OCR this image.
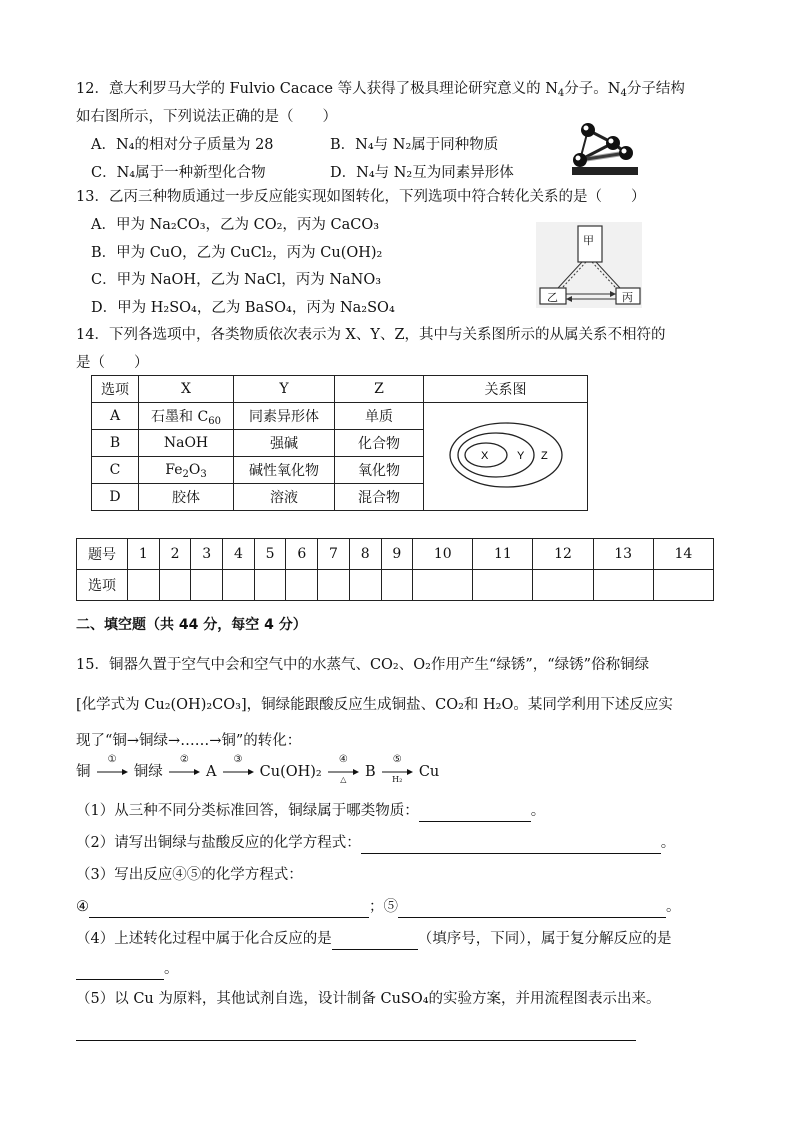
12．意大利罗马大学的 Fulvio Cacace 等人获得了极具理论研究意义的 $N_4$分子。$N_4$分子结构
如右图所示，下列说法正确的是（　　）
A．N₄的相对分子质量为 28	B．N₄与 N₂属于同种物质
C．N₄属于一种新型化合物	D．N₄与 N₂互为同素异形体
13．乙丙三种物质通过一步反应能实现如图转化，下列选项中符合转化关系的是（　　）
A．甲为 Na₂CO₃，乙为 CO₂，丙为 CaCO₃
B．甲为 CuO，乙为 CuCl₂，丙为 Cu(OH)₂
C．甲为 NaOH，乙为 NaCl，丙为 NaNO₃
D．甲为 H₂SO₄，乙为 BaSO₄，丙为 Na₂SO₄
甲
乙	丙
14．下列各选项中，各类物质依次表示为 X、Y、Z，其中与关系图所示的从属关系不相符的
是（　　）
选项	X	Y	Z	关系图
A	石墨和 $C_{60}$	同素异形体	单质	X Y Z

B	NaOH	强碱	化合物	
C	$Fe_2O_3$	碱性氧化物	氧化物	
D	胶体	溶液	混合物	
题号	1	2	3	4	5	6	7	8	9	10	11	12	13	14
选项														
二、填空题（共 44 分，每空 4 分）
15．铜器久置于空气中会和空气中的水蒸气、CO₂、O₂作用产生“绿锈”，“绿锈”俗称铜绿
[化学式为 Cu₂(OH)₂CO₃]，铜绿能跟酸反应生成铜盐、CO₂和 H₂O。某同学利用下述反应实
现了“铜→铜绿→……→铜”的转化：
铜
①
铜绿
②
A
③
Cu(OH)₂
④
△	B
⑤
H₂	Cu
（1）从三种不同分类标准回答，铜绿属于哪类物质：	。
（2）请写出铜绿与盐酸反应的化学方程式：	。
（3）写出反应④⑤的化学方程式：
④	；⑤	。
（4）上述转化过程中属于化合反应的是	（填序号，下同），属于复分解反应的是
。
（5）以 Cu 为原料，其他试剂自选，设计制备 CuSO₄的实验方案，并用流程图表示出来。
